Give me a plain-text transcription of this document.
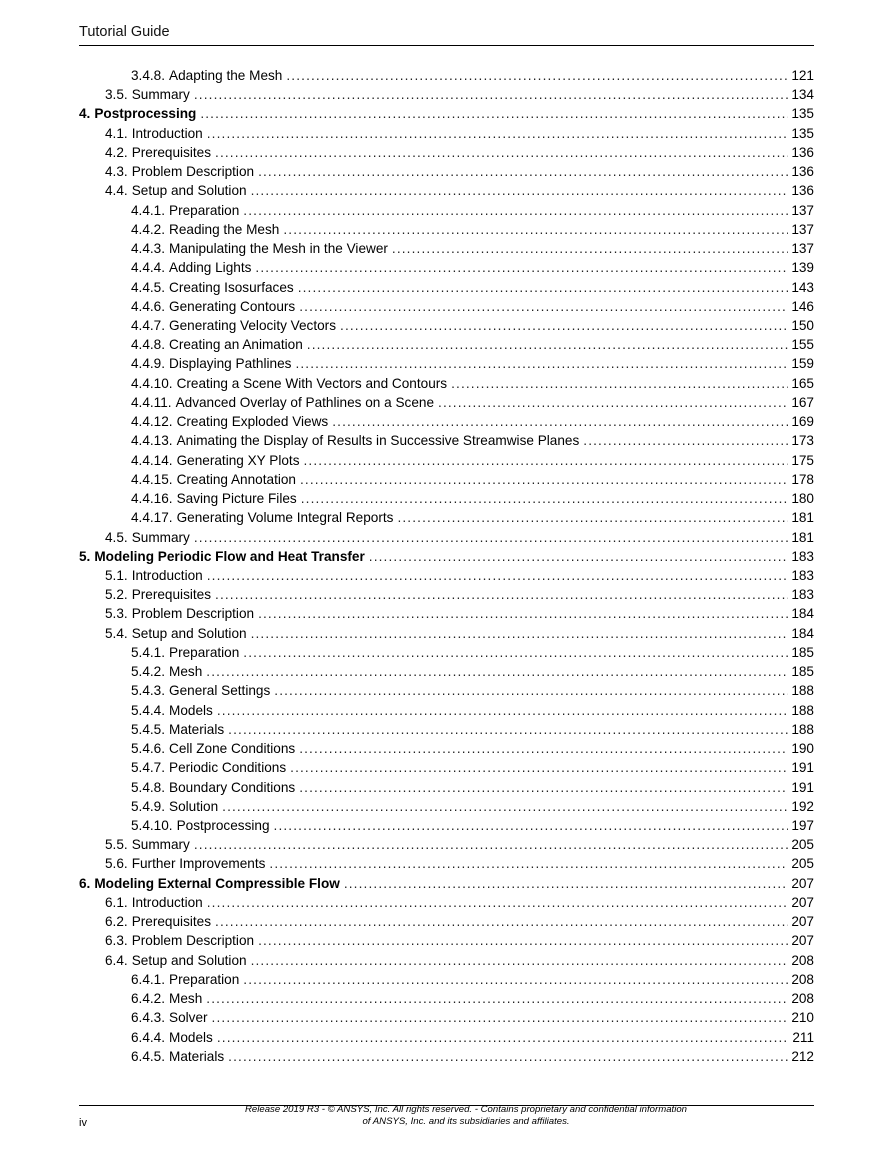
Tutorial Guide
3.4.8. Adapting the Mesh .....	121
3.5. Summary .....	134
4. Postprocessing .....	135
4.1. Introduction .....	135
4.2. Prerequisites .....	136
4.3. Problem Description .....	136
4.4. Setup and Solution .....	136
4.4.1. Preparation .....	137
4.4.2. Reading the Mesh .....	137
4.4.3. Manipulating the Mesh in the Viewer .....	137
4.4.4. Adding Lights .....	139
4.4.5. Creating Isosurfaces .....	143
4.4.6. Generating Contours .....	146
4.4.7. Generating Velocity Vectors .....	150
4.4.8. Creating an Animation .....	155
4.4.9. Displaying Pathlines .....	159
4.4.10. Creating a Scene With Vectors and Contours .....	165
4.4.11. Advanced Overlay of Pathlines on a Scene .....	167
4.4.12. Creating Exploded Views .....	169
4.4.13. Animating the Display of Results in Successive Streamwise Planes .....	173
4.4.14. Generating XY Plots .....	175
4.4.15. Creating Annotation .....	178
4.4.16. Saving Picture Files .....	180
4.4.17. Generating Volume Integral Reports .....	181
4.5. Summary .....	181
5. Modeling Periodic Flow and Heat Transfer .....	183
5.1. Introduction .....	183
5.2. Prerequisites .....	183
5.3. Problem Description .....	184
5.4. Setup and Solution .....	184
5.4.1. Preparation .....	185
5.4.2. Mesh .....	185
5.4.3. General Settings .....	188
5.4.4. Models .....	188
5.4.5. Materials .....	188
5.4.6. Cell Zone Conditions .....	190
5.4.7. Periodic Conditions .....	191
5.4.8. Boundary Conditions .....	191
5.4.9. Solution .....	192
5.4.10. Postprocessing .....	197
5.5. Summary .....	205
5.6. Further Improvements .....	205
6. Modeling External Compressible Flow .....	207
6.1. Introduction .....	207
6.2. Prerequisites .....	207
6.3. Problem Description .....	207
6.4. Setup and Solution .....	208
6.4.1. Preparation .....	208
6.4.2. Mesh .....	208
6.4.3. Solver .....	210
6.4.4. Models .....	211
6.4.5. Materials .....	212
iv
Release 2019 R3 - © ANSYS, Inc. All rights reserved. - Contains proprietary and confidential information
of ANSYS, Inc. and its subsidiaries and affiliates.
